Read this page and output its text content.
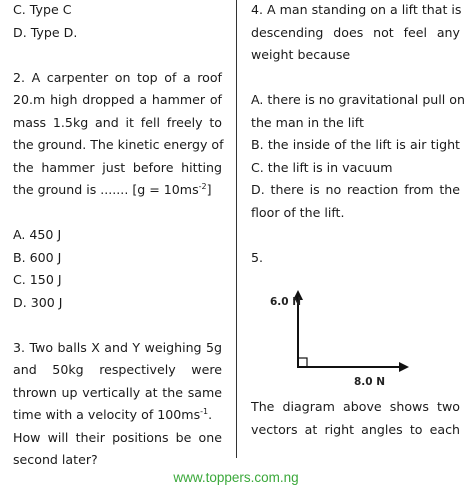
C. Type C
D. Type D.
2. A carpenter on top of a roof
20.m high dropped a hammer of
mass 1.5kg and it fell freely to
the ground. The kinetic energy of
the hammer just before hitting
the ground is ....... $[g = 10ms^{-2}]$
A. 450 J
B. 600 J
C. 150 J
D. 300 J
3. Two balls X and Y weighing 5g
and 50kg respectively were
thrown up vertically at the same
time with a velocity of $100ms^{-1}$.
How will their positions be one
second later?
4. A man standing on a lift that is
descending does not feel any
weight because
A. there is no gravitational pull on
the man in the lift
B. the inside of the lift is air tight
C. the lift is in vacuum
D. there is no reaction from the
floor of the lift.
5.
6.0 N
8.0 N
The diagram above shows two
vectors at right angles to each
www.toppers.com.ng
